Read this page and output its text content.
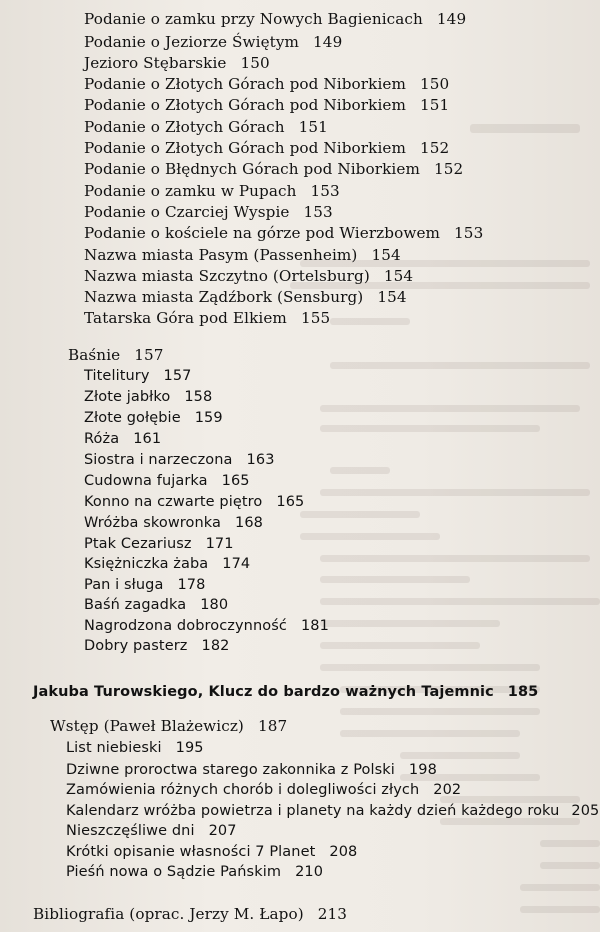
Podanie o zamku przy Nowych Bagienicach 149
Podanie o Jeziorze Świętym 149
Jezioro Stębarskie 150
Podanie o Złotych Górach pod Niborkiem 150
Podanie o Złotych Górach pod Niborkiem 151
Podanie o Złotych Górach 151
Podanie o Złotych Górach pod Niborkiem 152
Podanie o Błędnych Górach pod Niborkiem 152
Podanie o zamku w Pupach 153
Podanie o Czarciej Wyspie 153
Podanie o kościele na górze pod Wierzbowem 153
Nazwa miasta Pasym (Passenheim) 154
Nazwa miasta Szczytno (Ortelsburg) 154
Nazwa miasta Ządźbork (Sensburg) 154
Tatarska Góra pod Elkiem 155
Baśnie 157
Titelitury 157
Złote jabłko 158
Złote gołębie 159
Róża 161
Siostra i narzeczona 163
Cudowna fujarka 165
Konno na czwarte piętro 165
Wróżba skowronka 168
Ptak Cezariusz 171
Księżniczka żaba 174
Pan i sługa 178
Baśń zagadka 180
Nagrodzona dobroczynność 181
Dobry pasterz 182
Jakuba Turowskiego, Klucz do bardzo ważnych Tajemnic 185
Wstęp (Paweł Blażewicz) 187
List niebieski 195
Dziwne proroctwa starego zakonnika z Polski 198
Zamówienia różnych chorób i dolegliwości złych 202
Kalendarz wróżba powietrza i planety na każdy dzień każdego roku 205
Nieszczęśliwe dni 207
Krótki opisanie własności 7 Planet 208
Pieśń nowa o Sądzie Pańskim 210
Bibliografia (oprac. Jerzy M. Łapo) 213
